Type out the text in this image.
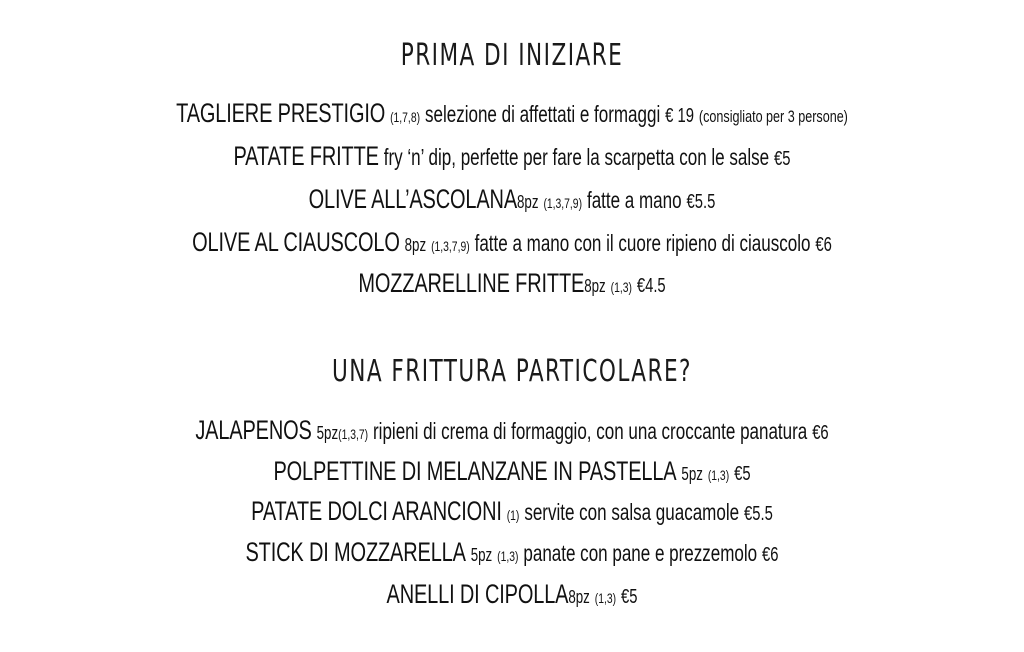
PRIMA DI INIZIARE
TAGLIERE PRESTIGIO (1,7,8) selezione di affettati e formaggi € 19 (consigliato per 3 persone)
PATATE FRITTE fry ‘n’ dip, perfette per fare la scarpetta con le salse €5
OLIVE ALL’ASCOLANA8pz (1,3,7,9) fatte a mano €5.5
OLIVE AL CIAUSCOLO 8pz (1,3,7,9) fatte a mano con il cuore ripieno di ciauscolo €6
MOZZARELLINE FRITTE8pz (1,3) €4.5
UNA FRITTURA PARTICOLARE?
JALAPENOS 5pz(1,3,7) ripieni di crema di formaggio, con una croccante panatura €6
POLPETTINE DI MELANZANE IN PASTELLA 5pz (1,3) €5
PATATE DOLCI ARANCIONI (1) servite con salsa guacamole €5.5
STICK DI MOZZARELLA 5pz (1,3) panate con pane e prezzemolo €6
ANELLI DI CIPOLLA8pz (1,3) €5
